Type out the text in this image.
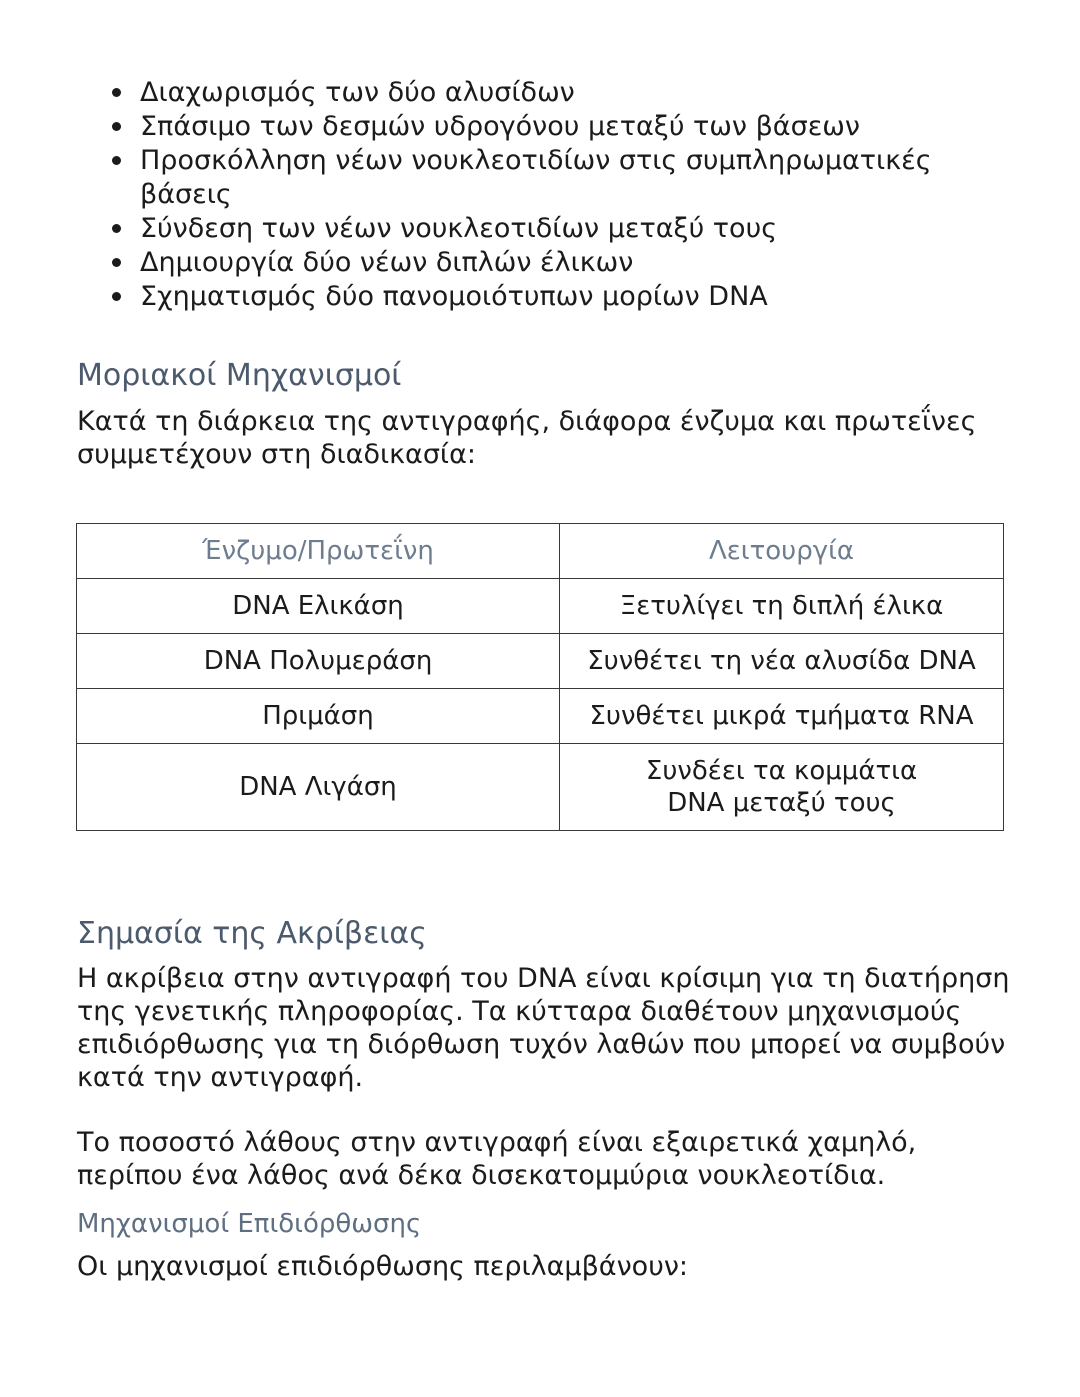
Διαχωρισμός των δύο αλυσίδων
Σπάσιμο των δεσμών υδρογόνου μεταξύ των βάσεων
Προσκόλληση νέων νουκλεοτιδίων στις συμπληρωματικές βάσεις
Σύνδεση των νέων νουκλεοτιδίων μεταξύ τους
Δημιουργία δύο νέων διπλών έλικων
Σχηματισμός δύο πανομοιότυπων μορίων DNA
Μοριακοί Μηχανισμοί

Κατά τη διάρκεια της αντιγραφής, διάφορα ένζυμα και πρωτεΐνες συμμετέχουν στη διαδικασία:

Ένζυμο/Πρωτεΐνη	Λειτουργία
DNA Ελικάση	Ξετυλίγει τη διπλή έλικα
DNA Πολυμεράση	Συνθέτει τη νέα αλυσίδα DNA
Πριμάση	Συνθέτει μικρά τμήματα RNA
DNA Λιγάση	Συνδέει τα κομμάτια DNA μεταξύ τους
Σημασία της Ακρίβειας

Η ακρίβεια στην αντιγραφή του DNA είναι κρίσιμη για τη διατήρηση της γενετικής πληροφορίας. Τα κύτταρα διαθέτουν μηχανισμούς επιδιόρθωσης για τη διόρθωση τυχόν λαθών που μπορεί να συμβούν κατά την αντιγραφή.

Το ποσοστό λάθους στην αντιγραφή είναι εξαιρετικά χαμηλό, περίπου ένα λάθος ανά δέκα δισεκατομμύρια νουκλεοτίδια.

Μηχανισμοί Επιδιόρθωσης

Οι μηχανισμοί επιδιόρθωσης περιλαμβάνουν:
